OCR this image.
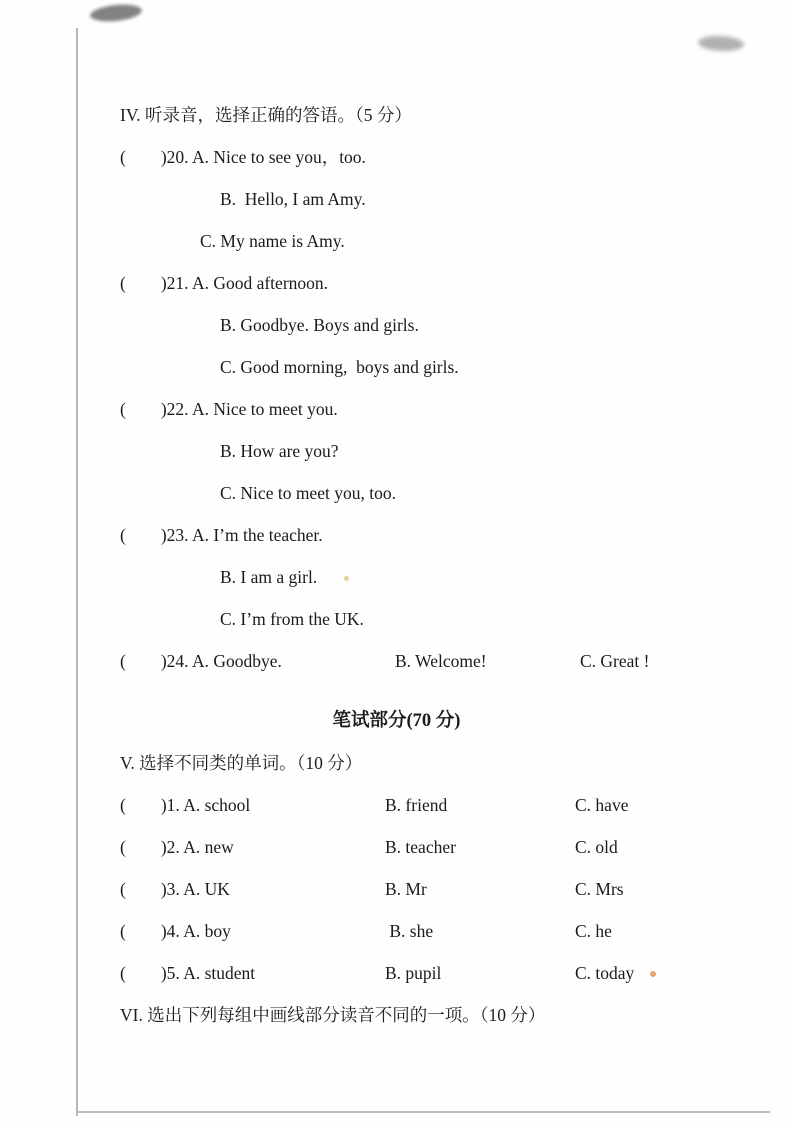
IV. 听录音，选择正确的答语。（5 分）
(        )20. A. Nice to see you，too.
B.  Hello, I am Amy.
C. My name is Amy.
(        )21. A. Good afternoon.
B. Goodbye. Boys and girls.
C. Good morning,  boys and girls.
(        )22. A. Nice to meet you.
B. How are you?
C. Nice to meet you, too.
(        )23. A. I’m the teacher.
B. I am a girl.
C. I’m from the UK.
(        )24. A. Goodbye.	B. Welcome!	C. Great !
笔试部分(70 分)
V. 选择不同类的单词。（10 分）
(        )1. A. school	B. friend	C. have
(        )2. A. new	B. teacher	C. old
(        )3. A. UK	B. Mr	C. Mrs
(        )4. A. boy	B. she	C. he
(        )5. A. student	B. pupil	C. today
VI. 选出下列每组中画线部分读音不同的一项。（10 分）
